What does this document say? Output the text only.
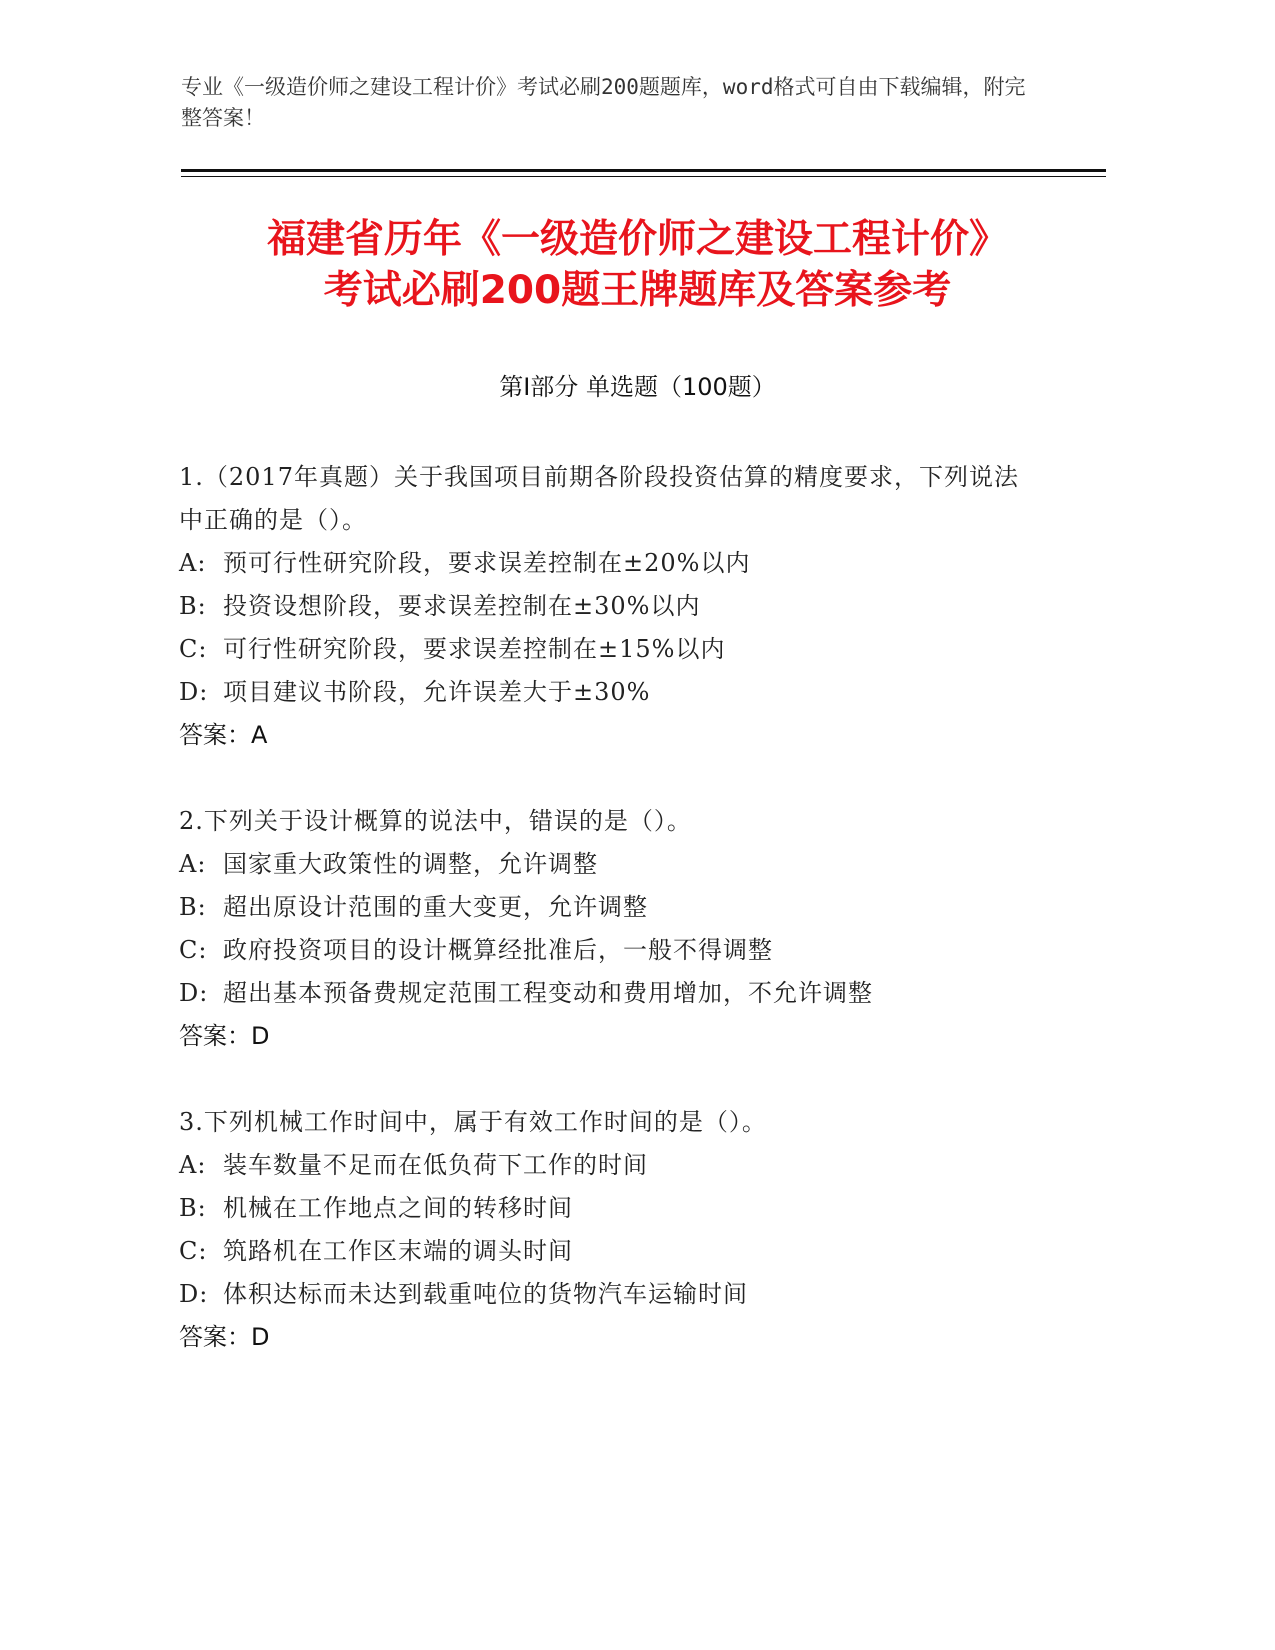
专业《一级造价师之建设工程计价》考试必刷200题题库，word格式可自由下载编辑，附完整答案！
福建省历年《一级造价师之建设工程计价》
考试必刷200题王牌题库及答案参考
第I部分 单选题（100题）
1.（2017年真题）关于我国项目前期各阶段投资估算的精度要求，下列说法中正确的是（）。
A: 预可行性研究阶段，要求误差控制在±20%以内
B: 投资设想阶段，要求误差控制在±30%以内
C: 可行性研究阶段，要求误差控制在±15%以内
D: 项目建议书阶段，允许误差大于±30%
答案：A
2.下列关于设计概算的说法中，错误的是（）。
A: 国家重大政策性的调整，允许调整
B: 超出原设计范围的重大变更，允许调整
C: 政府投资项目的设计概算经批准后，一般不得调整
D: 超出基本预备费规定范围工程变动和费用增加，不允许调整
答案：D
3.下列机械工作时间中，属于有效工作时间的是（）。
A: 装车数量不足而在低负荷下工作的时间
B: 机械在工作地点之间的转移时间
C: 筑路机在工作区末端的调头时间
D: 体积达标而未达到载重吨位的货物汽车运输时间
答案：D
